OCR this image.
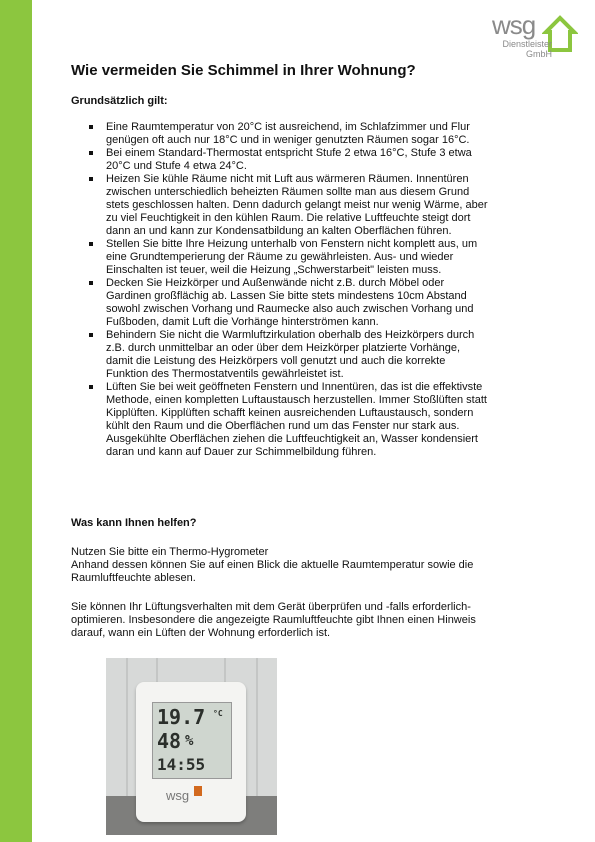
wsg
Dienstleister
GmbH
Wie vermeiden Sie Schimmel in Ihrer Wohnung?

Grundsätzlich gilt:

Eine Raumtemperatur von 20°C ist ausreichend, im Schlafzimmer und Flur
genügen oft auch nur 18°C und in weniger genutzten Räumen sogar 16°C.
Bei einem Standard-Thermostat entspricht Stufe 2 etwa 16°C, Stufe 3 etwa
20°C und Stufe 4 etwa 24°C.
Heizen Sie kühle Räume nicht mit Luft aus wärmeren Räumen. Innentüren
zwischen unterschiedlich beheizten Räumen sollte man aus diesem Grund
stets geschlossen halten. Denn dadurch gelangt meist nur wenig Wärme, aber
zu viel Feuchtigkeit in den kühlen Raum. Die relative Luftfeuchte steigt dort
dann an und kann zur Kondensatbildung an kalten Oberflächen führen.
Stellen Sie bitte Ihre Heizung unterhalb von Fenstern nicht komplett aus, um
eine Grundtemperierung der Räume zu gewährleisten. Aus- und wieder
Einschalten ist teuer, weil die Heizung „Schwerstarbeit" leisten muss.
Decken Sie Heizkörper und Außenwände nicht z.B. durch Möbel oder
Gardinen großflächig ab. Lassen Sie bitte stets mindestens 10cm Abstand
sowohl zwischen Vorhang und Raumecke also auch zwischen Vorhang und
Fußboden, damit Luft die Vorhänge hinterströmen kann.
Behindern Sie nicht die Warmluftzirkulation oberhalb des Heizkörpers durch
z.B. durch unmittelbar an oder über dem Heizkörper platzierte Vorhänge,
damit die Leistung des Heizkörpers voll genutzt und auch die korrekte
Funktion des Thermostatventils gewährleistet ist.
Lüften Sie bei weit geöffneten Fenstern und Innentüren, das ist die effektivste
Methode, einen kompletten Luftaustausch herzustellen. Immer Stoßlüften statt
Kipplüften. Kipplüften schafft keinen ausreichenden Luftaustausch, sondern
kühlt den Raum und die Oberflächen rund um das Fenster nur stark aus.
Ausgekühlte Oberflächen ziehen die Luftfeuchtigkeit an, Wasser kondensiert
daran und kann auf Dauer zur Schimmelbildung führen.

Was kann Ihnen helfen?

Nutzen Sie bitte ein Thermo-Hygrometer
Anhand dessen können Sie auf einen Blick die aktuelle Raumtemperatur sowie die
Raumluftfeuchte ablesen.

Sie können Ihr Lüftungsverhalten mit dem Gerät überprüfen und -falls erforderlich-
optimieren. Insbesondere die angezeigte Raumluftfeuchte gibt Ihnen einen Hinweis
darauf, wann ein Lüften der Wohnung erforderlich ist.

19.7 °C
48 %
14:55
wsg
